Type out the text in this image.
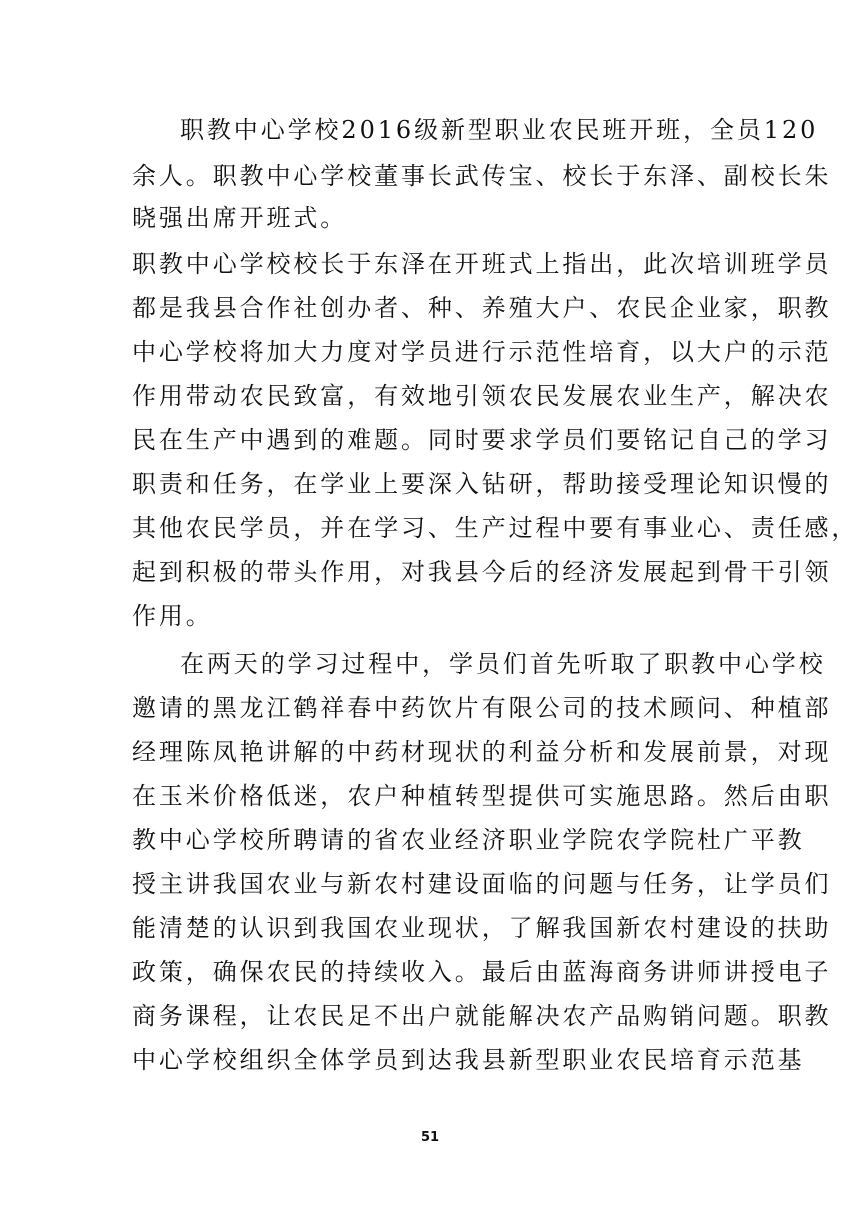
职教中心学校2016级新型职业农民班开班，全员120

余人。职教中心学校董事长武传宝、校长于东泽、副校长朱

晓强出席开班式。

职教中心学校校长于东泽在开班式上指出，此次培训班学员

都是我县合作社创办者、种、养殖大户、农民企业家，职教

中心学校将加大力度对学员进行示范性培育，以大户的示范

作用带动农民致富，有效地引领农民发展农业生产，解决农

民在生产中遇到的难题。同时要求学员们要铭记自己的学习

职责和任务，在学业上要深入钻研，帮助接受理论知识慢的

其他农民学员，并在学习、生产过程中要有事业心、责任感，

起到积极的带头作用，对我县今后的经济发展起到骨干引领

作用。

在两天的学习过程中，学员们首先听取了职教中心学校

邀请的黑龙江鹤祥春中药饮片有限公司的技术顾问、种植部

经理陈凤艳讲解的中药材现状的利益分析和发展前景，对现

在玉米价格低迷，农户种植转型提供可实施思路。然后由职

教中心学校所聘请的省农业经济职业学院农学院杜广平教

授主讲我国农业与新农村建设面临的问题与任务，让学员们

能清楚的认识到我国农业现状，了解我国新农村建设的扶助

政策，确保农民的持续收入。最后由蓝海商务讲师讲授电子

商务课程，让农民足不出户就能解决农产品购销问题。职教

中心学校组织全体学员到达我县新型职业农民培育示范基

51
